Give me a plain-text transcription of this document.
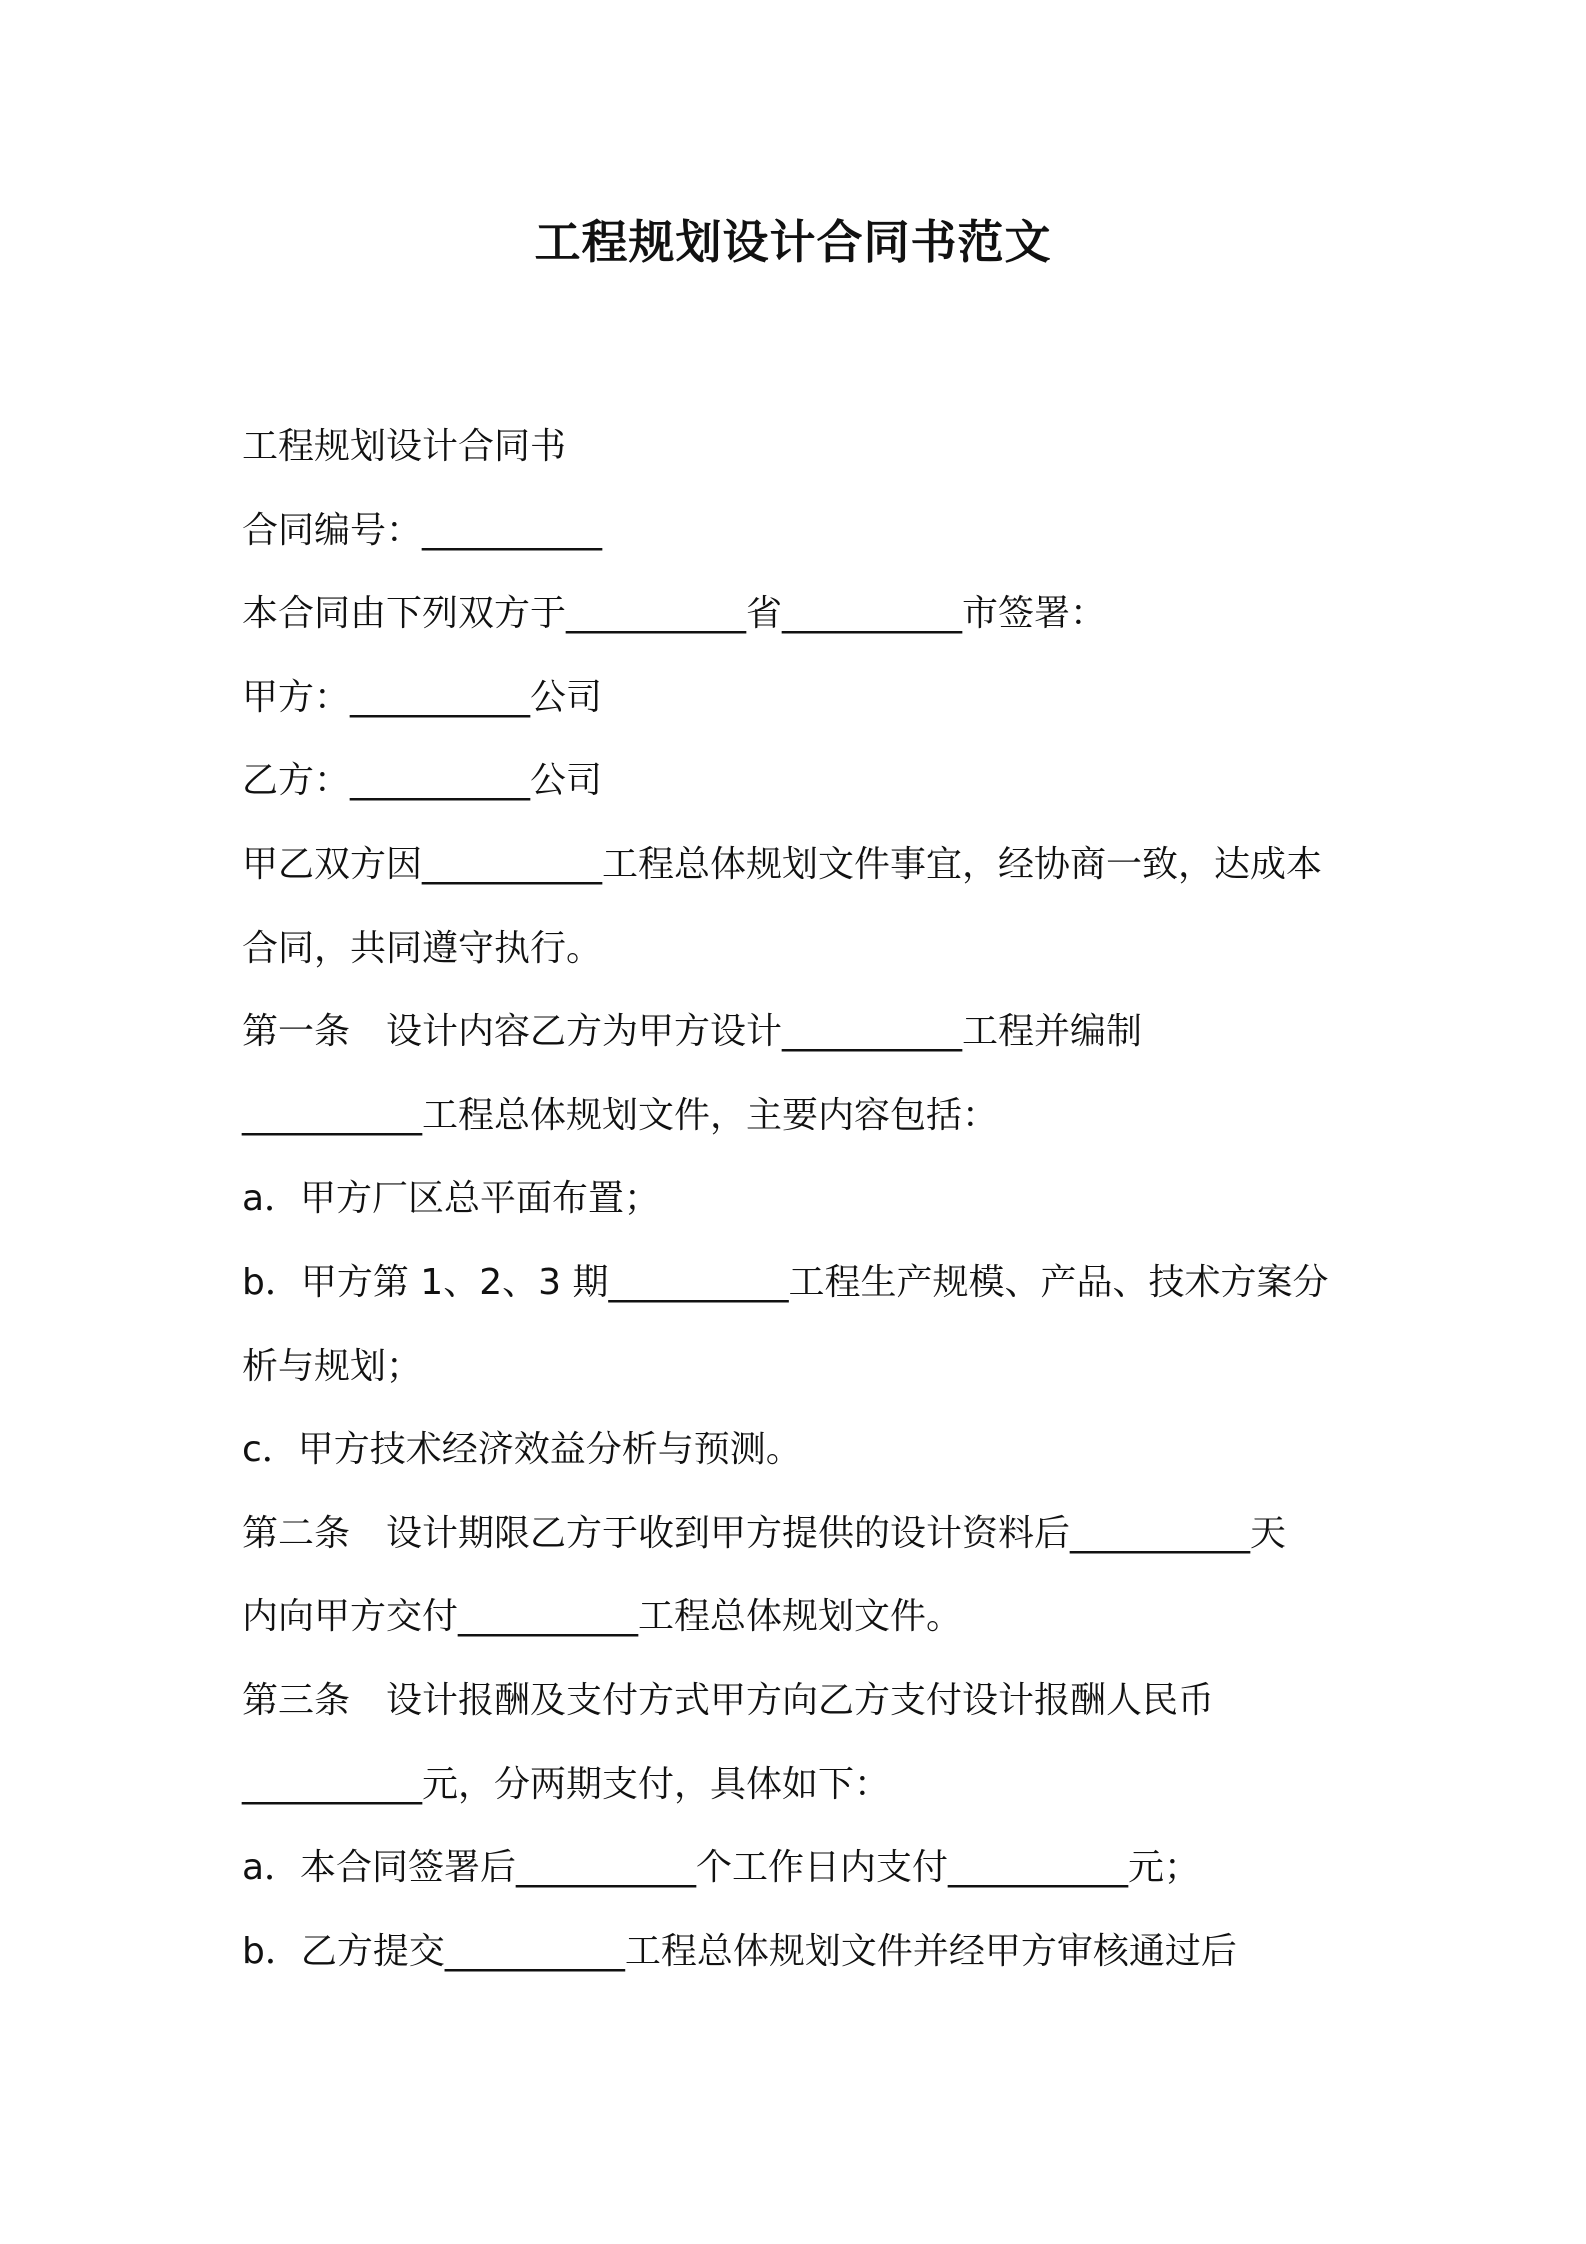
工程规划设计合同书范文
工程规划设计合同书
合同编号：__________
本合同由下列双方于__________省__________市签署：
甲方：__________公司
乙方：__________公司
甲乙双方因__________工程总体规划文件事宜，经协商一致，达成本
合同，共同遵守执行。
第一条 设计内容乙方为甲方设计__________工程并编制
__________工程总体规划文件，主要内容包括：
a．甲方厂区总平面布置；
b．甲方第 1、2、3 期__________工程生产规模、产品、技术方案分
析与规划；
c．甲方技术经济效益分析与预测。
第二条 设计期限乙方于收到甲方提供的设计资料后__________天
内向甲方交付__________工程总体规划文件。
第三条 设计报酬及支付方式甲方向乙方支付设计报酬人民币
__________元，分两期支付，具体如下：
a．本合同签署后__________个工作日内支付__________元；
b．乙方提交__________工程总体规划文件并经甲方审核通过后
